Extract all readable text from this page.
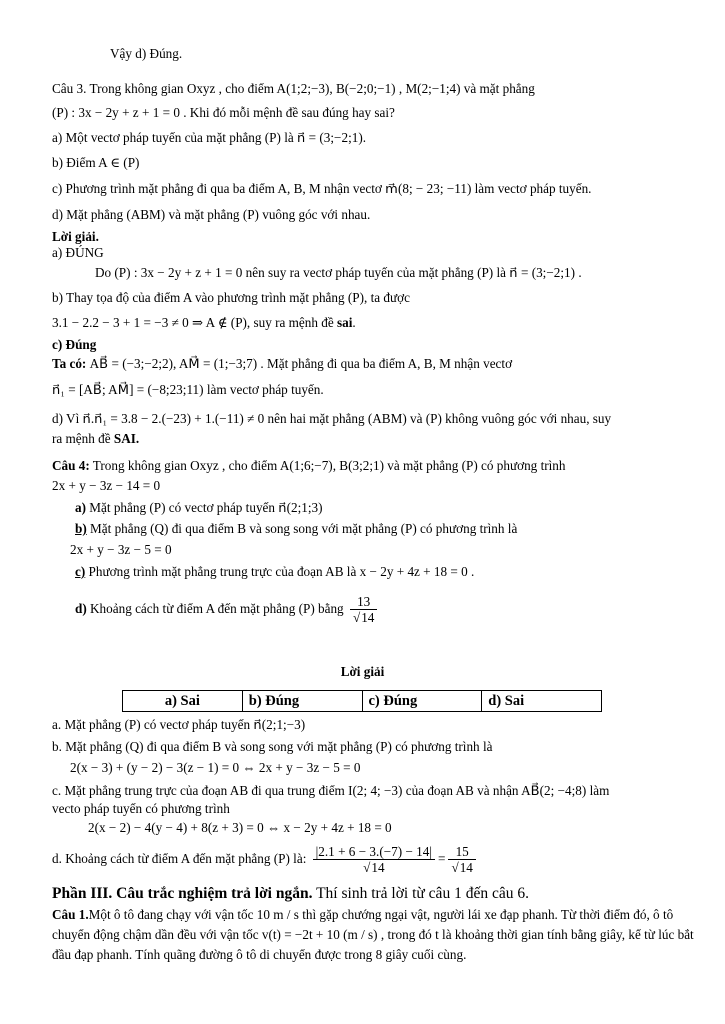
Vậy d) Đúng.
Câu 3. Trong không gian Oxyz , cho điểm A(1;2;−3), B(−2;0;−1) , M(2;−1;4) và mặt phẳng
(P) : 3x − 2y + z + 1 = 0 . Khi đó mỗi mệnh đề sau đúng hay sai?
a) Một vectơ pháp tuyến của mặt phẳng (P) là n⃗ = (3;−2;1).
b) Điểm A ∈ (P)
c) Phương trình mặt phẳng đi qua ba điểm A, B, M nhận vectơ m⃗(8; − 23; −11) làm vectơ pháp tuyến.
d) Mặt phẳng (ABM) và mặt phẳng (P) vuông góc với nhau.
Lời giải.
a) ĐÚNG
Do (P) : 3x − 2y + z + 1 = 0 nên suy ra vectơ pháp tuyến của mặt phẳng (P) là n⃗ = (3;−2;1) .
b) Thay tọa độ của điểm A vào phương trình mặt phẳng (P), ta được
3.1 − 2.2 − 3 + 1 = −3 ≠ 0 ⇒ A ∉ (P), suy ra mệnh đề sai.
c) Đúng
Ta có: AB⃗ = (−3;−2;2), AM⃗ = (1;−3;7) . Mặt phẳng đi qua ba điểm A, B, M nhận vectơ
n⃗₁ = [AB⃗; AM⃗] = (−8;23;11) làm vectơ pháp tuyến.
d) Vì n⃗.n⃗₁ = 3.8 − 2.(−23) + 1.(−11) ≠ 0 nên hai mặt phẳng (ABM) và (P) không vuông góc với nhau, suy
ra mệnh đề SAI.
Câu 4: Trong không gian Oxyz , cho điểm A(1;6;−7), B(3;2;1) và mặt phẳng (P) có phương trình
2x + y − 3z − 14 = 0
a) Mặt phẳng (P) có vectơ pháp tuyến n⃗(2;1;3)
b) Mặt phẳng (Q) đi qua điểm B và song song với mặt phẳng (P) có phương trình là
2x + y − 3z − 5 = 0
c) Phương trình mặt phẳng trung trực của đoạn AB là x − 2y + 4z + 18 = 0 .
d) Khoảng cách từ điểm A đến mặt phẳng (P) bằng $\frac{13}{√14}$
Lời giải
a) Sai	b) Đúng	c) Đúng	d) Sai
a. Mặt phẳng (P) có vectơ pháp tuyến n⃗(2;1;−3)
b. Mặt phẳng (Q) đi qua điểm B và song song với mặt phẳng (P) có phương trình là
2(x − 3) + (y − 2) − 3(z − 1) = 0 ⇔ 2x + y − 3z − 5 = 0
c. Mặt phẳng trung trực của đoạn AB đi qua trung điểm I(2; 4; −3) của đoạn AB và nhận AB⃗(2; −4;8) làm
vecto pháp tuyến có phương trình
2(x − 2) − 4(y − 4) + 8(z + 3) = 0 ⇔ x − 2y + 4z + 18 = 0
d. Khoảng cách từ điểm A đến mặt phẳng (P) là: $\frac{|2.1 + 6 - 3.(-7) - 14|}{√14} = \frac{15}{√14}$
Phần III. Câu trắc nghiệm trả lời ngắn. Thí sinh trả lời từ câu 1 đến câu 6.
Câu 1.Một ô tô đang chạy với vận tốc 10 m / s thì gặp chướng ngại vật, người lái xe đạp phanh. Từ thời điểm đó, ô tô chuyển động chậm dần đều với vận tốc v(t) = −2t + 10 (m / s) , trong đó t là khoảng thời gian tính bằng giây, kể từ lúc bắt đầu đạp phanh. Tính quãng đường ô tô di chuyển được trong 8 giây cuối cùng.
